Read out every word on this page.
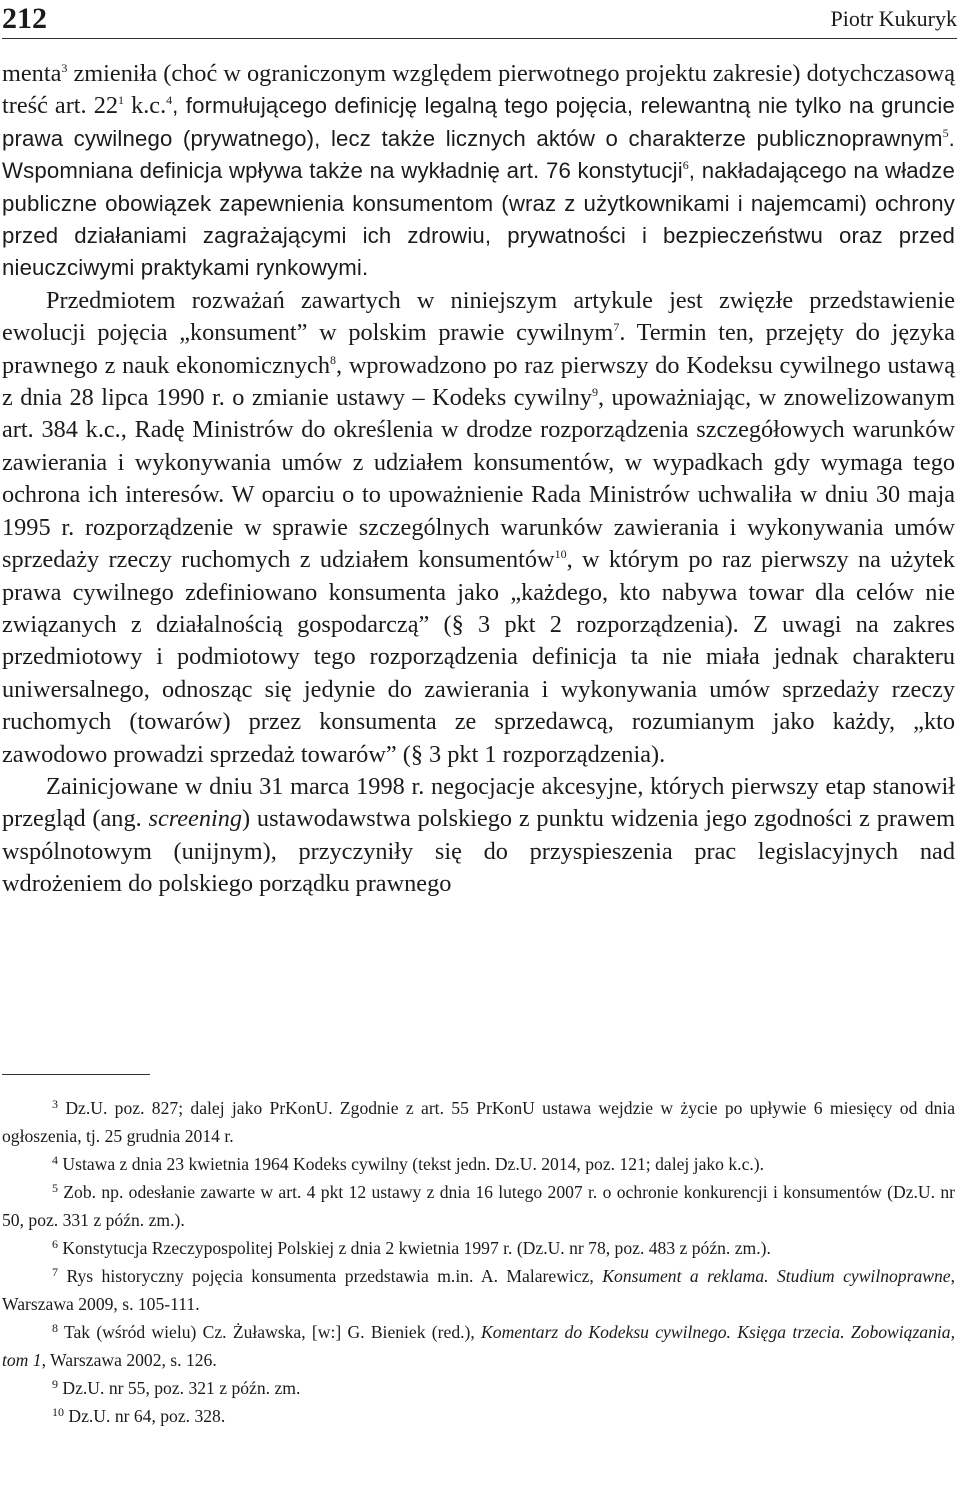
212	Piotr Kukuryk

menta$^3$ zmieniła (choć w ograniczonym względem pierwotnego projektu zakresie) dotychczasową treść art. $22^1$ k.c.$^4$, formułującego definicję legalną tego pojęcia, relewantną nie tylko na gruncie prawa cywilnego (prywatnego), lecz także licznych aktów o charakterze publicznoprawnym$^5$. Wspomniana definicja wpływa także na wykładnię art. 76 konstytucji$^6$, nakładającego na władze publiczne obowiązek zapewnienia konsumentom (wraz z użytkownikami i najemcami) ochrony przed działaniami zagrażającymi ich zdrowiu, prywatności i bezpieczeństwu oraz przed nieuczciwymi praktykami rynkowymi.

Przedmiotem rozważań zawartych w niniejszym artykule jest zwięzłe przedstawienie ewolucji pojęcia „konsument” w polskim prawie cywilnym$^7$. Termin ten, przejęty do języka prawnego z nauk ekonomicznych$^8$, wprowadzono po raz pierwszy do Kodeksu cywilnego ustawą z dnia 28 lipca 1990 r. o zmianie ustawy – Kodeks cywilny$^9$, upoważniając, w znowelizowanym art. 384 k.c., Radę Ministrów do określenia w drodze rozporządzenia szczegółowych warunków zawierania i wykonywania umów z udziałem konsumentów, w wypadkach gdy wymaga tego ochrona ich interesów. W oparciu o to upoważnienie Rada Ministrów uchwaliła w dniu 30 maja 1995 r. rozporządzenie w sprawie szczególnych warunków zawierania i wykonywania umów sprzedaży rzeczy ruchomych z udziałem konsumentów$^{10}$, w którym po raz pierwszy na użytek prawa cywilnego zdefiniowano konsumenta jako „każdego, kto nabywa towar dla celów nie związanych z działalnością gospodarczą” (§ 3 pkt 2 rozporządzenia). Z uwagi na zakres przedmiotowy i podmiotowy tego rozporządzenia definicja ta nie miała jednak charakteru uniwersalnego, odnosząc się jedynie do zawierania i wykonywania umów sprzedaży rzeczy ruchomych (towarów) przez konsumenta ze sprzedawcą, rozumianym jako każdy, „kto zawodowo prowadzi sprzedaż towarów” (§ 3 pkt 1 rozporządzenia).

Zainicjowane w dniu 31 marca 1998 r. negocjacje akcesyjne, których pierwszy etap stanowił przegląd (ang. screening) ustawodawstwa polskiego z punktu widzenia jego zgodności z prawem wspólnotowym (unijnym), przyczyniły się do przyspieszenia prac legislacyjnych nad wdrożeniem do polskiego porządku prawnego

$^3$ Dz.U. poz. 827; dalej jako PrKonU. Zgodnie z art. 55 PrKonU ustawa wejdzie w życie po upływie 6 miesięcy od dnia ogłoszenia, tj. 25 grudnia 2014 r.

$^4$ Ustawa z dnia 23 kwietnia 1964 Kodeks cywilny (tekst jedn. Dz.U. 2014, poz. 121; dalej jako k.c.).

$^5$ Zob. np. odesłanie zawarte w art. 4 pkt 12 ustawy z dnia 16 lutego 2007 r. o ochronie konkurencji i konsumentów (Dz.U. nr 50, poz. 331 z późn. zm.).

$^6$ Konstytucja Rzeczypospolitej Polskiej z dnia 2 kwietnia 1997 r. (Dz.U. nr 78, poz. 483 z późn. zm.).

$^7$ Rys historyczny pojęcia konsumenta przedstawia m.in. A. Malarewicz, Konsument a reklama. Studium cywilnoprawne, Warszawa 2009, s. 105-111.

$^8$ Tak (wśród wielu) Cz. Żuławska, [w:] G. Bieniek (red.), Komentarz do Kodeksu cywilnego. Księga trzecia. Zobowiązania, tom 1, Warszawa 2002, s. 126.

$^9$ Dz.U. nr 55, poz. 321 z późn. zm.

$^{10}$ Dz.U. nr 64, poz. 328.
